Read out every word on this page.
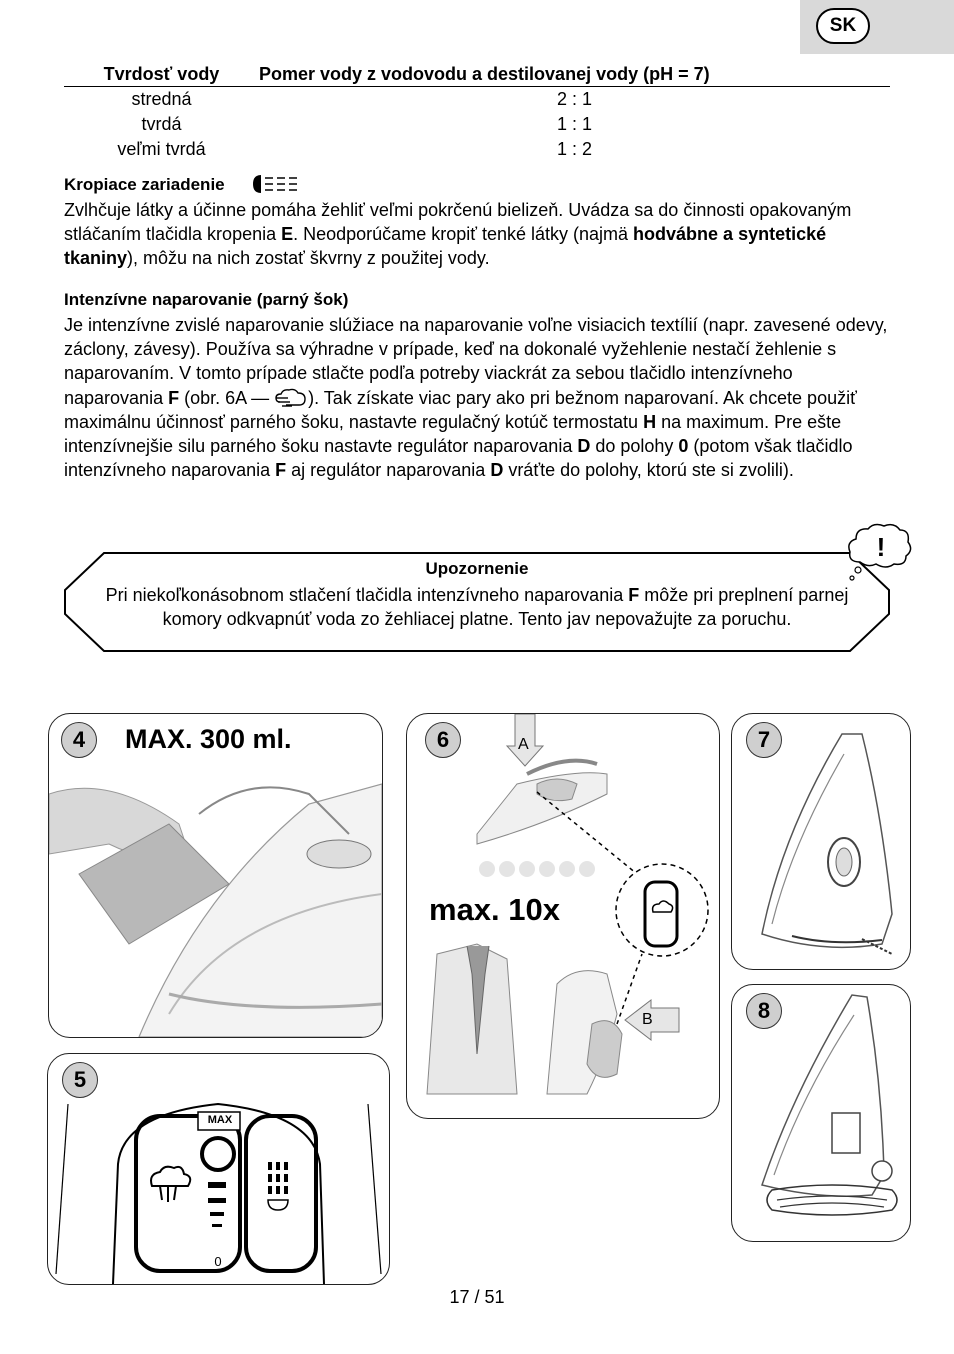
SK
Tvrdosť vody	Pomer vody z vodovodu a destilovanej vody (pH = 7)
stredná	2 : 1
tvrdá	1 : 1
veľmi tvrdá	1 : 2
Kropiace zariadenie

Zvlhčuje látky a účinne pomáha žehliť veľmi pokrčenú bielizeň. Uvádza sa do činnosti opakovaným stláčaním tlačidla kropenia E. Neodporúčame kropiť tenké látky (najmä hodvábne a syntetické tkaniny), môžu na nich zostať škvrny z použitej vody.

Intenzívne naparovanie (parný šok)

Je intenzívne zvislé naparovanie slúžiace na naparovanie voľne visiacich textílií (napr. zavesené odevy, záclony, závesy). Používa sa výhradne v prípade, keď na dokonalé vyžehlenie nestačí žehlenie s naparovaním. V tomto prípade stlačte podľa potreby viackrát za sebou tlačidlo intenzívneho naparovania F (obr. 6A — ). Tak získate viac pary ako pri bežnom naparovaní. Ak chcete použiť maximálnu účinnosť parného šoku, nastavte regulačný kotúč termostatu H na maximum. Pre ešte intenzívnejšie silu parného šoku nastavte regulátor naparovania D do polohy 0 (potom však tlačidlo intenzívneho naparovania F aj regulátor naparovania D vráťte do polohy, ktorú ste si zvolili).

Upozornenie
Pri niekoľkonásobnom stlačení tlačidla intenzívneho naparovania F môže pri preplnení parnej komory odkvapnúť voda zo žehliacej platne. Tento jav nepovažujte za poruchu.
!
4	MAX. 300 ml.
MAX
0
5
A
B
6
max. 10x
7
8
17 / 51
